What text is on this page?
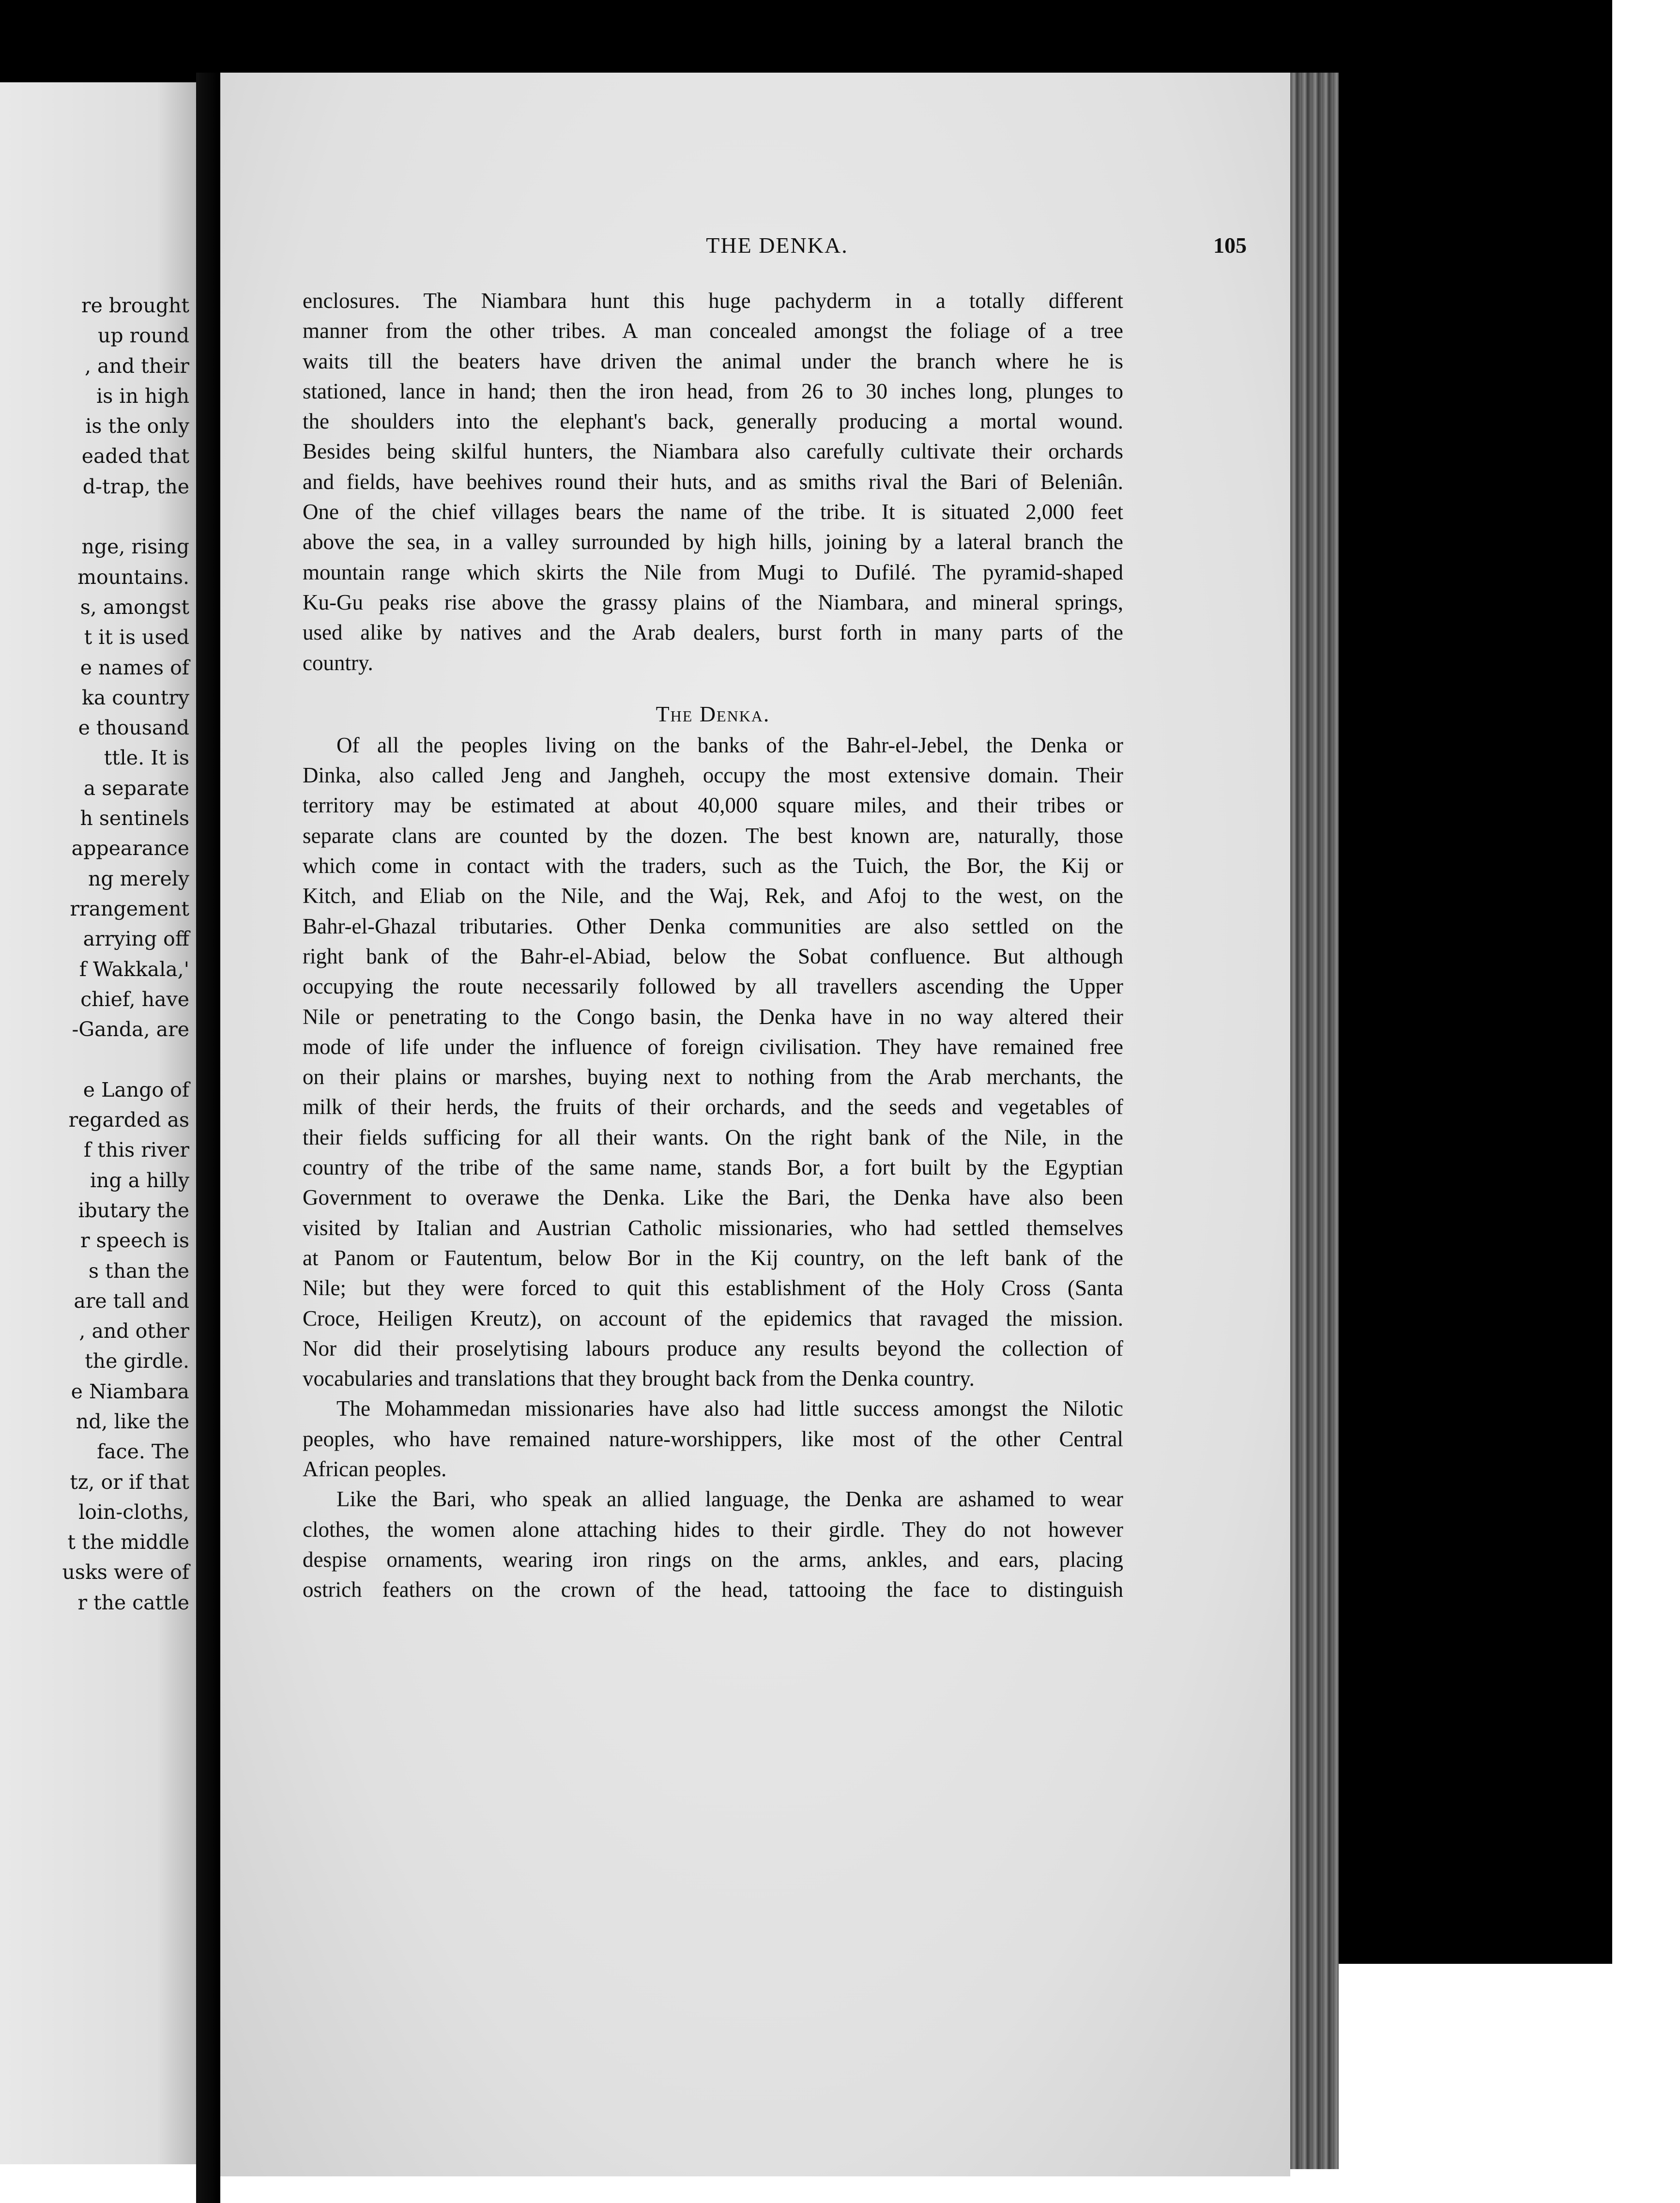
re brought
up round
, and their
is in high
is the only
eaded that
d-trap, the
nge, rising
mountains.
s, amongst
t it is used
e names of
ka country
e thousand
ttle. It is
a separate
h sentinels
appearance
ng merely
rrangement
arrying off
f Wakkala,'
chief, have
-Ganda, are
e Lango of
regarded as
f this river
ing a hilly
ibutary the
r speech is
s than the
are tall and
, and other
the girdle.
e Niambara
nd, like the
face. The
tz, or if that
loin-cloths,
t the middle
usks were of
r the cattle
THE DENKA.	105
enclosures. The Niambara hunt this huge pachyderm in a totally different
manner from the other tribes. A man concealed amongst the foliage of a tree
waits till the beaters have driven the animal under the branch where he is
stationed, lance in hand; then the iron head, from 26 to 30 inches long, plunges to
the shoulders into the elephant's back, generally producing a mortal wound.
Besides being skilful hunters, the Niambara also carefully cultivate their orchards
and fields, have beehives round their huts, and as smiths rival the Bari of Beleniân.
One of the chief villages bears the name of the tribe. It is situated 2,000 feet
above the sea, in a valley surrounded by high hills, joining by a lateral branch the
mountain range which skirts the Nile from Mugi to Dufilé. The pyramid-shaped
Ku-Gu peaks rise above the grassy plains of the Niambara, and mineral springs,
used alike by natives and the Arab dealers, burst forth in many parts of the
country.
The Denka.
Of all the peoples living on the banks of the Bahr-el-Jebel, the Denka or
Dinka, also called Jeng and Jangheh, occupy the most extensive domain. Their
territory may be estimated at about 40,000 square miles, and their tribes or
separate clans are counted by the dozen. The best known are, naturally, those
which come in contact with the traders, such as the Tuich, the Bor, the Kij or
Kitch, and Eliab on the Nile, and the Waj, Rek, and Afoj to the west, on the
Bahr-el-Ghazal tributaries. Other Denka communities are also settled on the
right bank of the Bahr-el-Abiad, below the Sobat confluence. But although
occupying the route necessarily followed by all travellers ascending the Upper
Nile or penetrating to the Congo basin, the Denka have in no way altered their
mode of life under the influence of foreign civilisation. They have remained free
on their plains or marshes, buying next to nothing from the Arab merchants, the
milk of their herds, the fruits of their orchards, and the seeds and vegetables of
their fields sufficing for all their wants. On the right bank of the Nile, in the
country of the tribe of the same name, stands Bor, a fort built by the Egyptian
Government to overawe the Denka. Like the Bari, the Denka have also been
visited by Italian and Austrian Catholic missionaries, who had settled themselves
at Panom or Fautentum, below Bor in the Kij country, on the left bank of the
Nile; but they were forced to quit this establishment of the Holy Cross (Santa
Croce, Heiligen Kreutz), on account of the epidemics that ravaged the mission.
Nor did their proselytising labours produce any results beyond the collection of
vocabularies and translations that they brought back from the Denka country.
The Mohammedan missionaries have also had little success amongst the Nilotic
peoples, who have remained nature-worshippers, like most of the other Central
African peoples.
Like the Bari, who speak an allied language, the Denka are ashamed to wear
clothes, the women alone attaching hides to their girdle. They do not however
despise ornaments, wearing iron rings on the arms, ankles, and ears, placing
ostrich feathers on the crown of the head, tattooing the face to distinguish
